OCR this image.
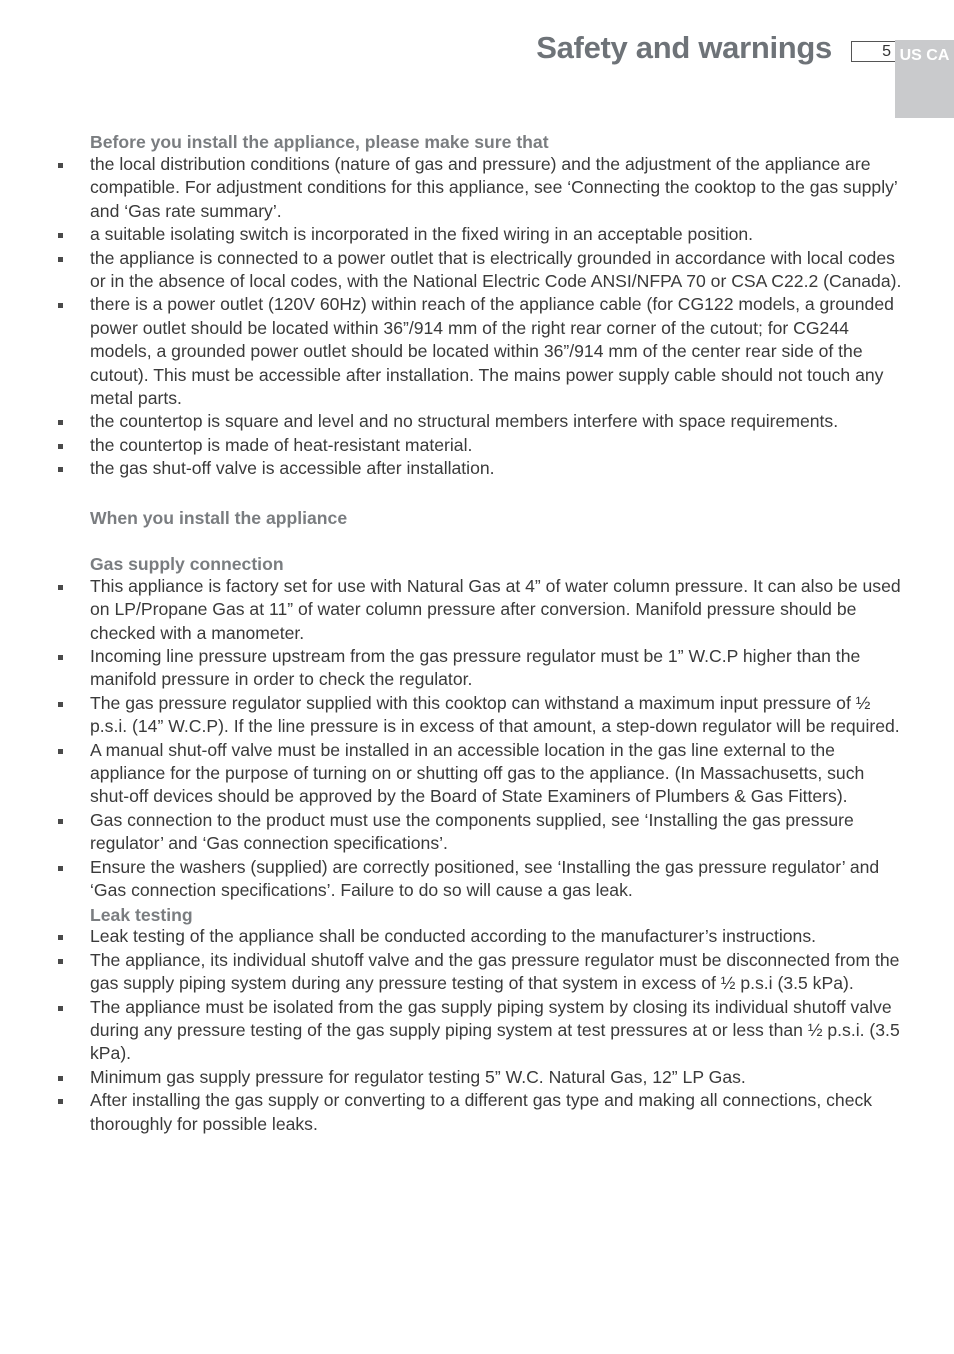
Safety and warnings	5 US CA
Before you install the appliance, please make sure that
the local distribution conditions (nature of gas and pressure) and the adjustment of the appliance are compatible. For adjustment conditions for this appliance, see ‘Connecting the cooktop to the gas supply’ and ‘Gas rate summary’.
a suitable isolating switch is incorporated in the fixed wiring in an acceptable position.
the appliance is connected to a power outlet that is electrically grounded in accordance with local codes or in the absence of local codes, with the National Electric Code ANSI/NFPA 70 or CSA C22.2 (Canada).
there is a power outlet (120V 60Hz) within reach of the appliance cable (for CG122 models, a grounded power outlet should be located within 36”/914 mm of the right rear corner of the cutout; for CG244 models, a grounded power outlet should be located within 36”/914 mm of the center rear side of the cutout). This must be accessible after installation. The mains power supply cable should not touch any metal parts.
the countertop is square and level and no structural members interfere with space requirements.
the countertop is made of heat-resistant material.
the gas shut-off valve is accessible after installation.
When you install the appliance
Gas supply connection
This appliance is factory set for use with Natural Gas at 4” of water column pressure. It can also be used on LP/Propane Gas at 11” of water column pressure after conversion. Manifold pressure should be checked with a manometer.
Incoming line pressure upstream from the gas pressure regulator must be 1” W.C.P higher than the manifold pressure in order to check the regulator.
The gas pressure regulator supplied with this cooktop can withstand a maximum input pressure of ½ p.s.i. (14” W.C.P). If the line pressure is in excess of that amount, a step-down regulator will be required.
A manual shut-off valve must be installed in an accessible location in the gas line external to the appliance for the purpose of turning on or shutting off gas to the appliance. (In Massachusetts, such shut-off devices should be approved by the Board of State Examiners of Plumbers & Gas Fitters).
Gas connection to the product must use the components supplied, see ‘Installing the gas pressure regulator’ and ‘Gas connection specifications’.
Ensure the washers (supplied) are correctly positioned, see ‘Installing the gas pressure regulator’ and ‘Gas connection specifications’. Failure to do so will cause a gas leak.
Leak testing
Leak testing of the appliance shall be conducted according to the manufacturer’s instructions.
The appliance, its individual shutoff valve and the gas pressure regulator must be disconnected from the gas supply piping system during any pressure testing of that system in excess of ½ p.s.i (3.5 kPa).
The appliance must be isolated from the gas supply piping system by closing its individual shutoff valve during any pressure testing of the gas supply piping system at test pressures at or less than ½ p.s.i. (3.5 kPa).
Minimum gas supply pressure for regulator testing 5” W.C. Natural Gas, 12” LP Gas.
After installing the gas supply or converting to a different gas type and making all connections, check thoroughly for possible leaks.
